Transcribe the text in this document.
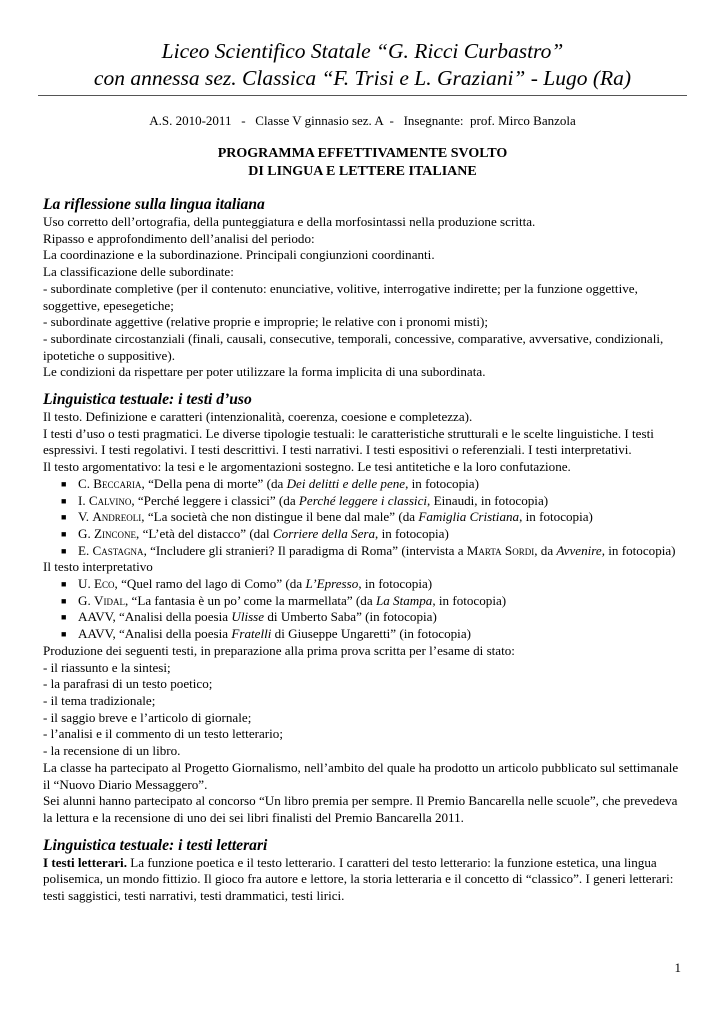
Liceo Scientifico Statale “G. Ricci Curbastro”
con annessa sez. Classica “F. Trisi e L. Graziani” - Lugo (Ra)
A.S. 2010-2011   -   Classe V ginnasio sez. A  -   Insegnante:  prof. Mirco Banzola
PROGRAMMA EFFETTIVAMENTE SVOLTO
DI LINGUA E LETTERE ITALIANE
La riflessione sulla lingua italiana

Uso corretto dell’ortografia, della punteggiatura e della morfosintassi nella produzione scritta.

Ripasso e approfondimento dell’analisi del periodo:

La coordinazione e la subordinazione. Principali congiunzioni coordinanti.

La classificazione delle subordinate:

- subordinate completive (per il contenuto: enunciative, volitive, interrogative indirette; per la funzione oggettive, soggettive, epesegetiche;

- subordinate aggettive (relative proprie e improprie; le relative con i pronomi misti);

- subordinate circostanziali (finali, causali, consecutive, temporali, concessive, comparative, avversative, condizionali, ipotetiche o suppositive).

Le condizioni da rispettare per poter utilizzare la forma implicita di una subordinata.

Linguistica testuale: i testi d’uso

Il testo. Definizione e caratteri (intenzionalità, coerenza, coesione e completezza).

I testi d’uso o testi pragmatici. Le diverse tipologie testuali: le caratteristiche strutturali e le scelte linguistiche. I testi espressivi. I testi regolativi. I testi descrittivi. I testi narrativi. I testi espositivi o referenziali. I testi interpretativi.

Il testo argomentativo: la tesi e le argomentazioni sostegno. Le tesi antitetiche e la loro confutazione.

■ C. Beccaria, “Della pena di morte” (da Dei delitti e delle pene, in fotocopia)
■ I. Calvino, “Perché leggere i classici” (da Perché leggere i classici, Einaudi, in fotocopia)
■ V. Andreoli, “La società che non distingue il bene dal male” (da Famiglia Cristiana, in fotocopia)
■ G. Zincone, “L’età del distacco” (dal Corriere della Sera, in fotocopia)
■ E. Castagna, “Includere gli stranieri? Il paradigma di Roma” (intervista a Marta Sordi, da Avvenire, in fotocopia)

Il testo interpretativo

■ U. Eco, “Quel ramo del lago di Como” (da L’Epresso, in fotocopia)
■ G. Vidal, “La fantasia è un po’ come la marmellata” (da La Stampa, in fotocopia)
■ AAVV, “Analisi della poesia Ulisse di Umberto Saba” (in fotocopia)
■ AAVV, “Analisi della poesia Fratelli di Giuseppe Ungaretti” (in fotocopia)

Produzione dei seguenti testi, in preparazione alla prima prova scritta per l’esame di stato:

- il riassunto e la sintesi;

- la parafrasi di un testo poetico;

- il tema tradizionale;

- il saggio breve e l’articolo di giornale;

- l’analisi e il commento di un testo letterario;

- la recensione di un libro.

La classe ha partecipato al Progetto Giornalismo, nell’ambito del quale ha prodotto un articolo pubblicato sul settimanale il “Nuovo Diario Messaggero”.

Sei alunni hanno partecipato al concorso “Un libro premia per sempre. Il Premio Bancarella nelle scuole”, che prevedeva la lettura e la recensione di uno dei sei libri finalisti del Premio Bancarella 2011.

Linguistica testuale: i testi letterari

I testi letterari. La funzione poetica e il testo letterario. I caratteri del testo letterario: la funzione estetica, una lingua polisemica, un mondo fittizio. Il gioco fra autore e lettore, la storia letteraria e il concetto di “classico”. I generi letterari: testi saggistici, testi narrativi, testi drammatici, testi lirici.

1
